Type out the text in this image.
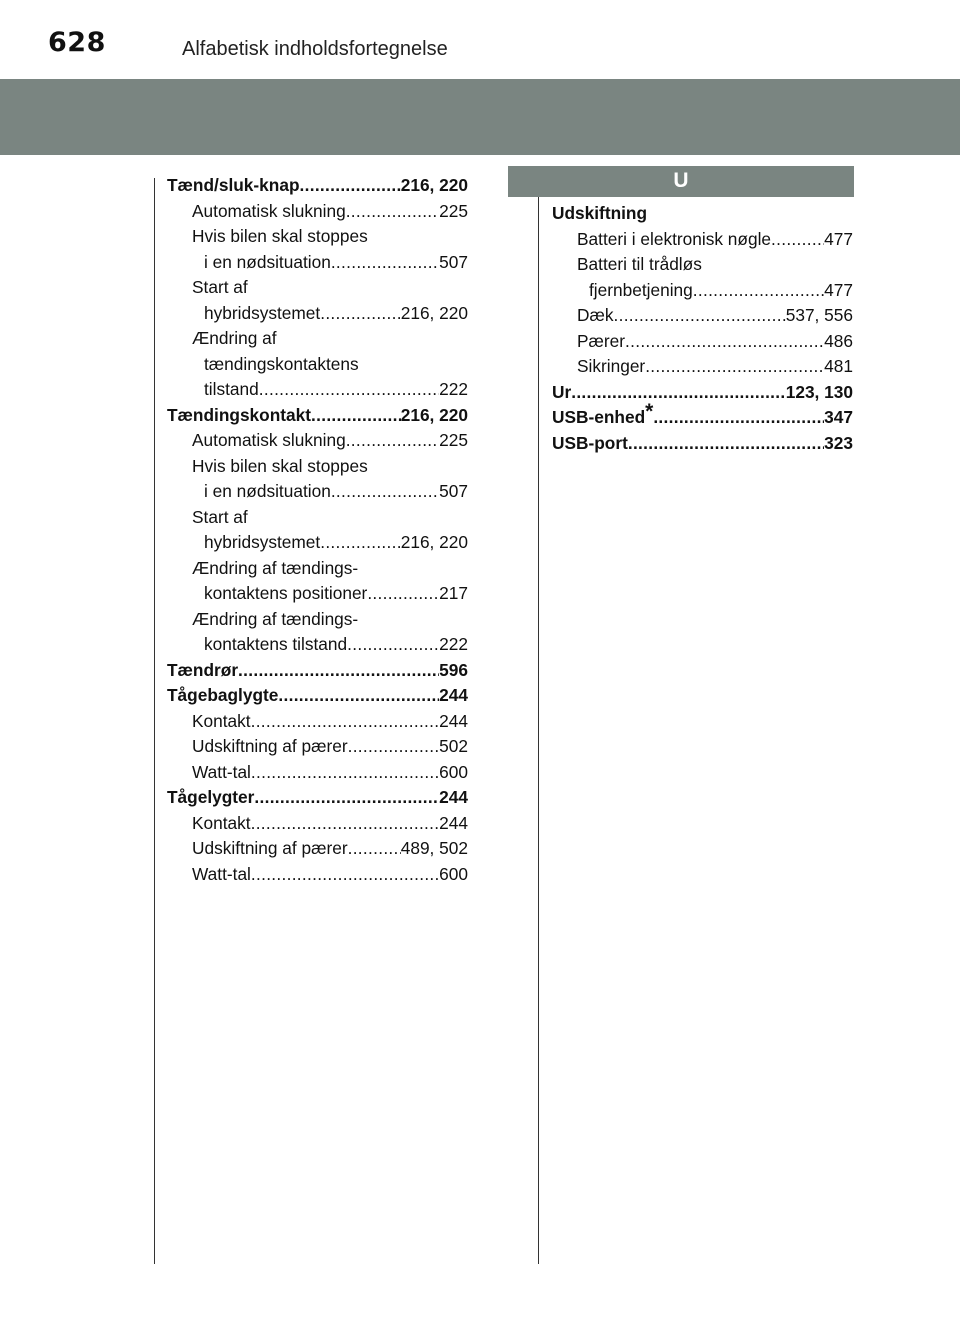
628	Alfabetisk indholdsfortegnelse
Tænd/sluk-knap .....	216, 220
Automatisk slukning .....	225
Hvis bilen skal stoppes
i en nødsituation .....	507
Start af
hybridsystemet .....	216, 220
Ændring af
tændingskontaktens
tilstand .....	222
Tændingskontakt .....	216, 220
Automatisk slukning .....	225
Hvis bilen skal stoppes
i en nødsituation .....	507
Start af
hybridsystemet .....	216, 220
Ændring af tændings-
kontaktens positioner .....	217
Ændring af tændings-
kontaktens tilstand .....	222
Tændrør .....	596
Tågebaglygte .....	244
Kontakt .....	244
Udskiftning af pærer .....	502
Watt-tal .....	600
Tågelygter .....	244
Kontakt .....	244
Udskiftning af pærer .....	489, 502
Watt-tal .....	600
U
Udskiftning
Batteri i elektronisk nøgle .....	477
Batteri til trådløs
fjernbetjening .....	477
Dæk .....	537, 556
Pærer .....	486
Sikringer .....	481
Ur .....	123, 130
USB-enhed* .....	347
USB-port .....	323
